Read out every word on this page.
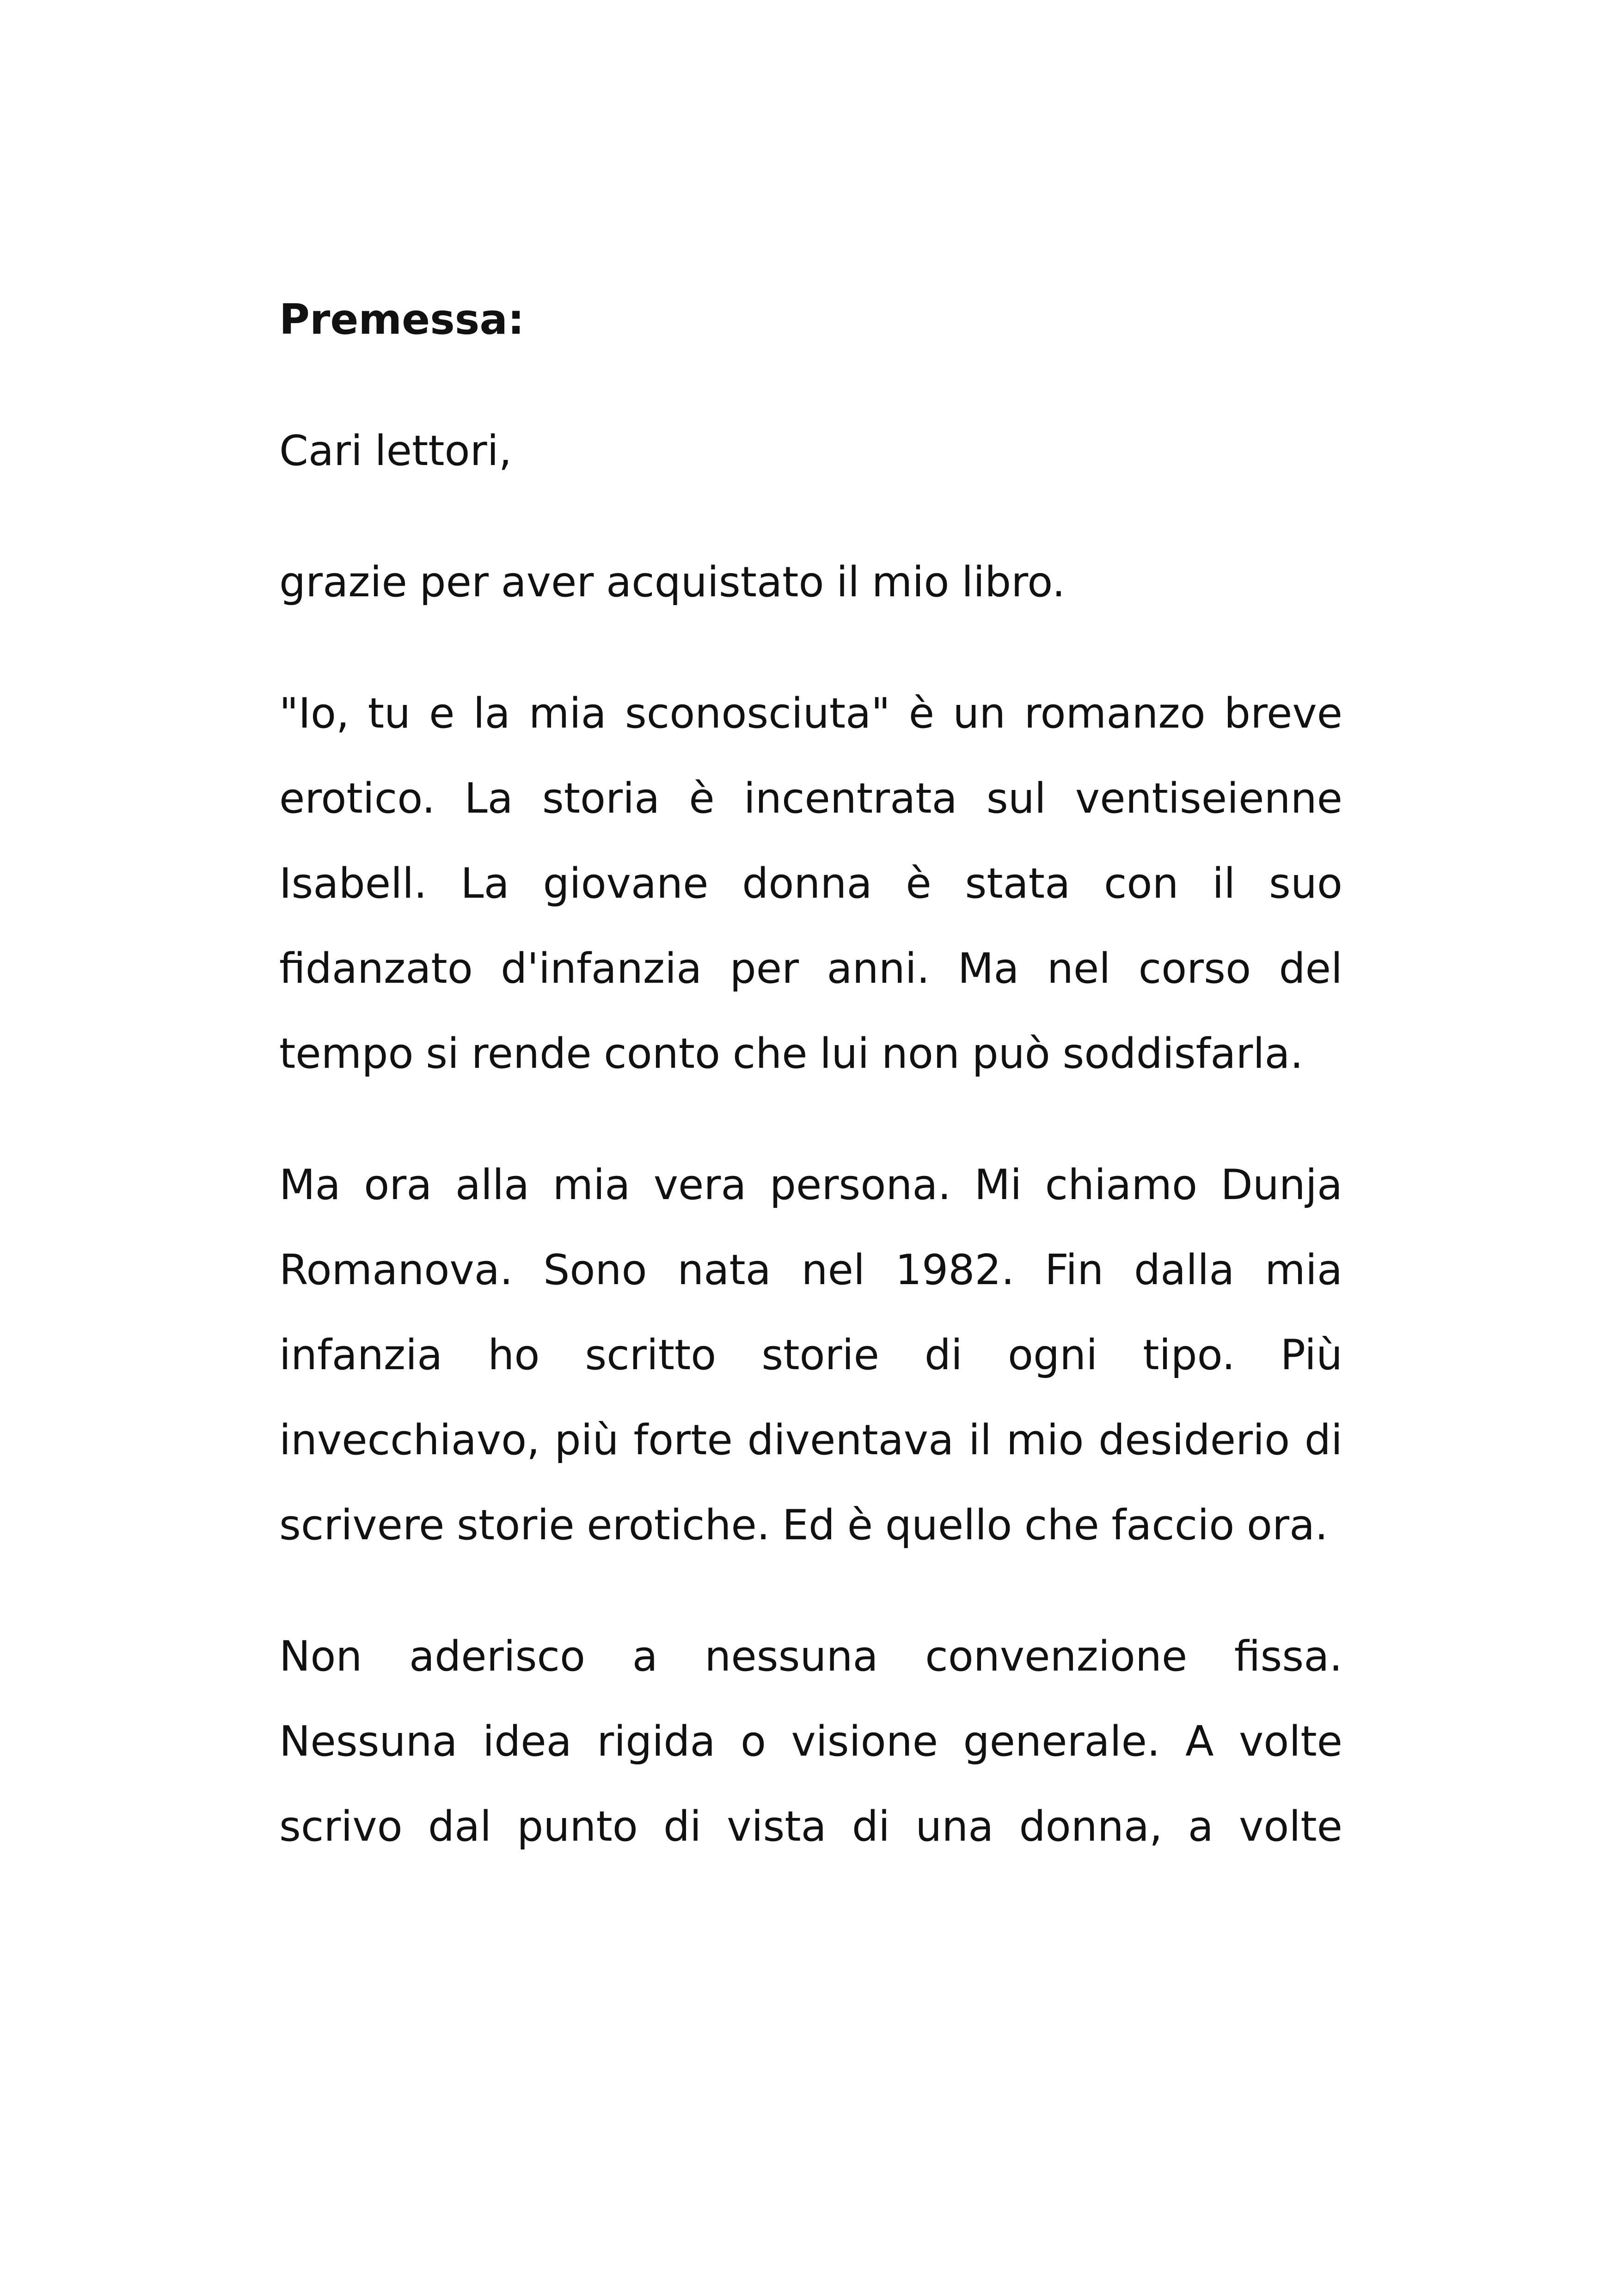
Premessa:

Cari lettori,

grazie per aver acquistato il mio libro.

"Io, tu e la mia sconosciuta" è un romanzo breve erotico. La storia è incentrata sul ventiseienne Isabell. La giovane donna è stata con il suo fidanzato d'infanzia per anni. Ma nel corso del tempo si rende conto che lui non può soddisfarla.

Ma ora alla mia vera persona. Mi chiamo Dunja Romanova. Sono nata nel 1982. Fin dalla mia infanzia ho scritto storie di ogni tipo. Più invecchiavo, più forte diventava il mio desiderio di scrivere storie erotiche. Ed è quello che faccio ora.

Non aderisco a nessuna convenzione fissa. Nessuna idea rigida o visione generale. A volte scrivo dal punto di vista di una donna, a volte
